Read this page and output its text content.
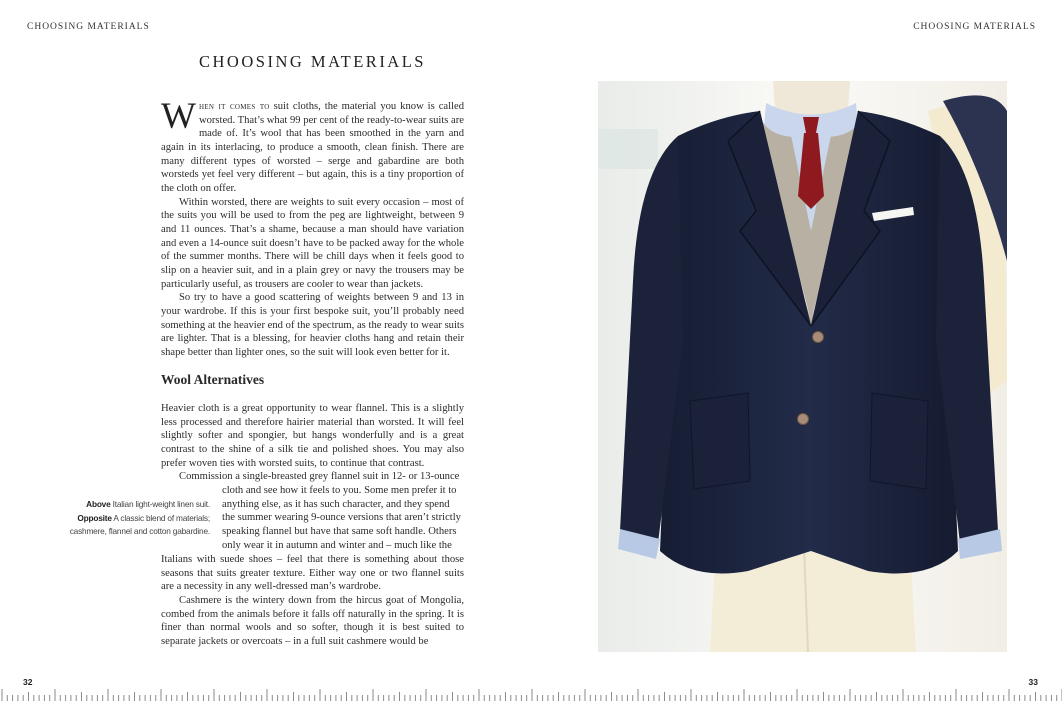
CHOOSING MATERIALS	CHOOSING MATERIALS
CHOOSING MATERIALS

When it comes to suit cloths, the material you know is called worsted. That’s what 99 per cent of the ready-to-wear suits are made of. It’s wool that has been smoothed in the yarn and again in its interlacing, to produce a smooth, clean finish. There are many different types of worsted – serge and gabardine are both worsteds yet feel very different – but again, this is a tiny proportion of the cloth on offer.

Within worsted, there are weights to suit every occasion – most of the suits you will be used to from the peg are lightweight, between 9 and 11 ounces. That’s a shame, because a man should have variation and even a 14-ounce suit doesn’t have to be packed away for the whole of the summer months. There will be chill days when it feels good to slip on a heavier suit, and in a plain grey or navy the trousers may be particularly useful, as trousers are cooler to wear than jackets.

So try to have a good scattering of weights between 9 and 13 in your wardrobe. If this is your first bespoke suit, you’ll probably need something at the heavier end of the spectrum, as the ready to wear suits are lighter. That is a blessing, for heavier cloths hang and retain their shape better than lighter ones, so the suit will look even better for it.

Wool Alternatives

Heavier cloth is a great opportunity to wear flannel. This is a slightly less processed and therefore hairier material than worsted. It will feel slightly softer and spongier, but hangs wonderfully and is a great contrast to the shine of a silk tie and polished shoes. You may also prefer woven ties with worsted suits, to continue that contrast.

Commission a single-breasted grey flannel suit in 12- or 13-ounce
cloth and see how it feels to you. Some men prefer it to
anything else, as it has such character, and they spend
the summer wearing 9-ounce versions that aren’t strictly
speaking flannel but have that same soft handle. Others
only wear it in autumn and winter and – much like the

Italians with suede shoes – feel that there is something about those seasons that suits greater texture. Either way one or two flannel suits are a necessity in any well-dressed man’s wardrobe.

Cashmere is the wintery down from the hircus goat of Mongolia, combed from the animals before it falls off naturally in the spring. It is finer than normal wools and so softer, though it is best suited to separate jackets or overcoats – in a full suit cashmere would be

Above Italian light-weight linen suit.
Opposite A classic blend of materials;
cashmere, flannel and cotton gabardine.
32	33
